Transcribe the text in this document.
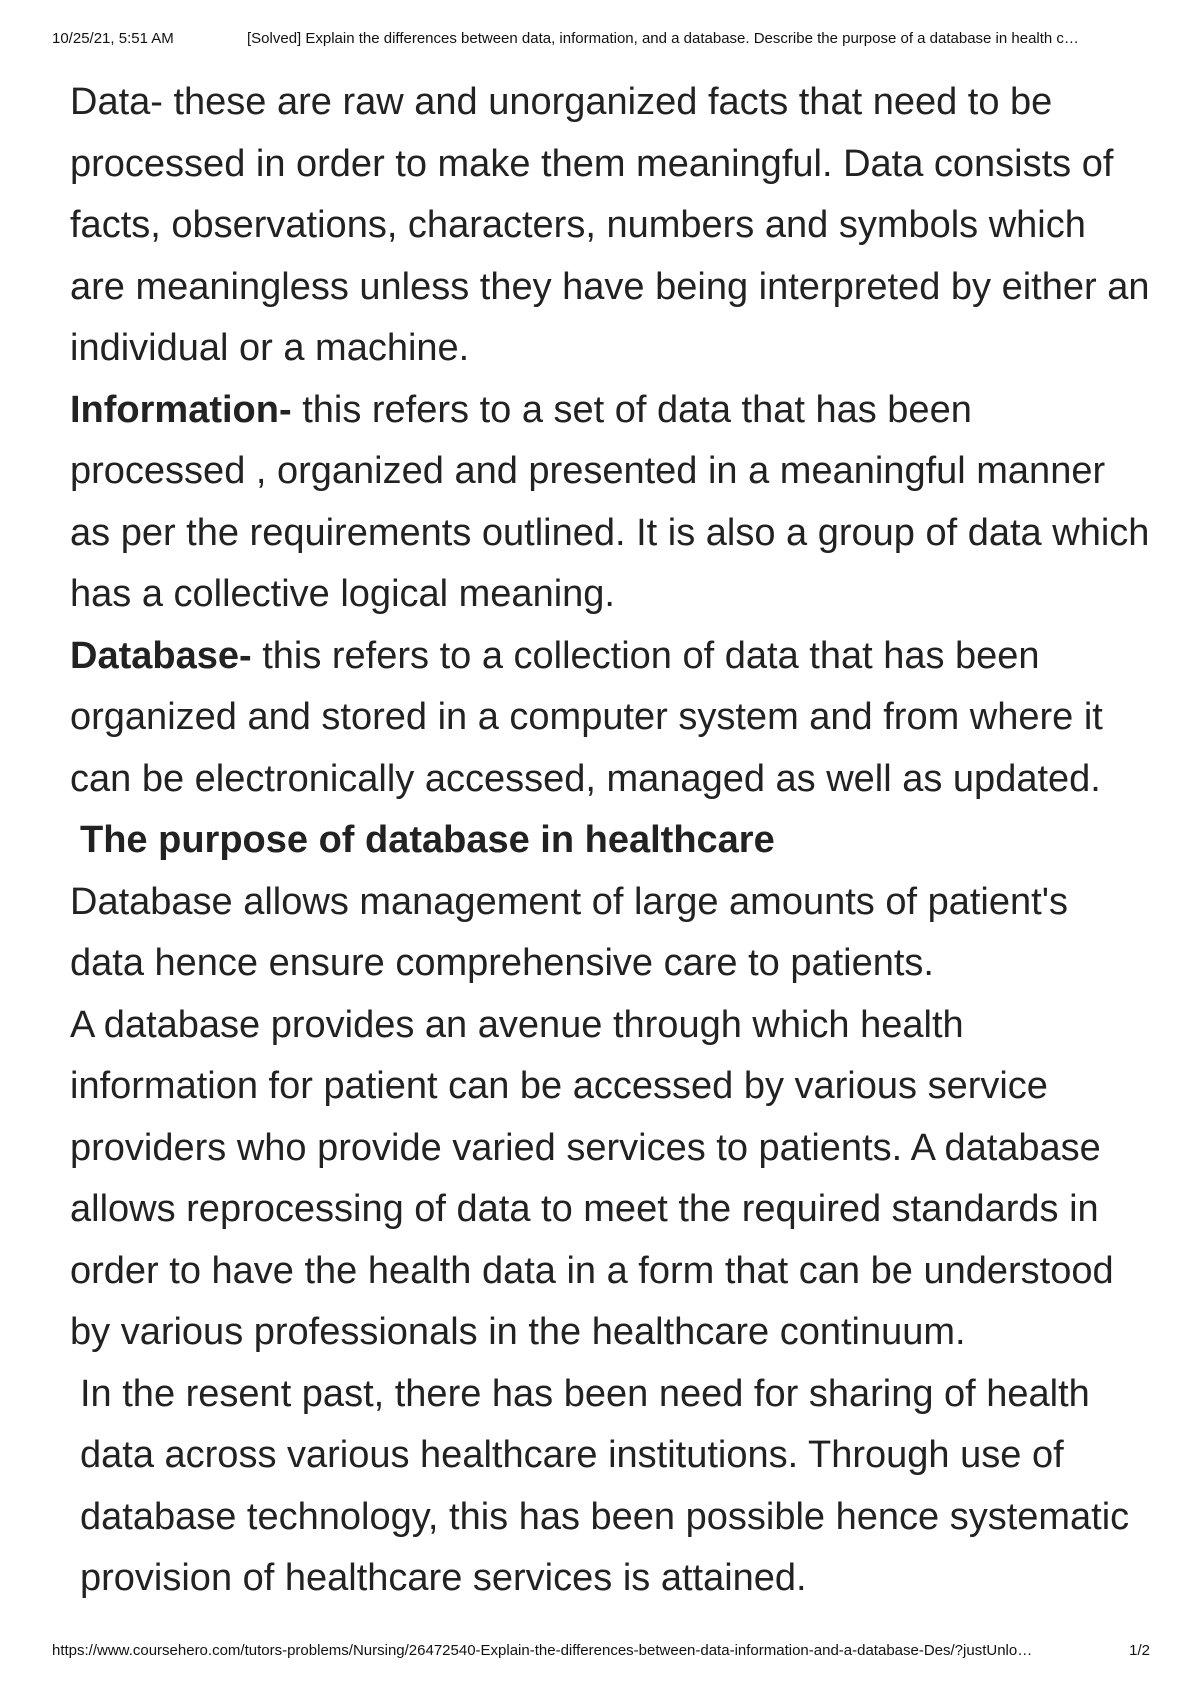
10/25/21, 5:51 AM	[Solved] Explain the differences between data, information, and a database. Describe the purpose of a database in health c…

Data- these are raw and unorganized facts that need to be processed in order to make them meaningful. Data consists of facts, observations, characters, numbers and symbols which are meaningless unless they have being interpreted by either an individual or a machine.

Information- this refers to a set of data that has been processed , organized and presented in a meaningful manner as per the requirements outlined. It is also a group of data which has a collective logical meaning.

Database- this refers to a collection of data that has been organized and stored in a computer system and from where it can be electronically accessed, managed as well as updated.

The purpose of database in healthcare

Database allows management of large amounts of patient's data hence ensure comprehensive care to patients.

A database provides an avenue through which health information for patient can be accessed by various service providers who provide varied services to patients. A database allows reprocessing of data to meet the required standards in order to have the health data in a form that can be understood by various professionals in the healthcare continuum.

In the resent past, there has been need for sharing of health data across various healthcare institutions. Through use of database technology, this has been possible hence systematic provision of healthcare services is attained.

https://www.coursehero.com/tutors-problems/Nursing/26472540-Explain-the-differences-between-data-information-and-a-database-Des/?justUnlo…	1/2
